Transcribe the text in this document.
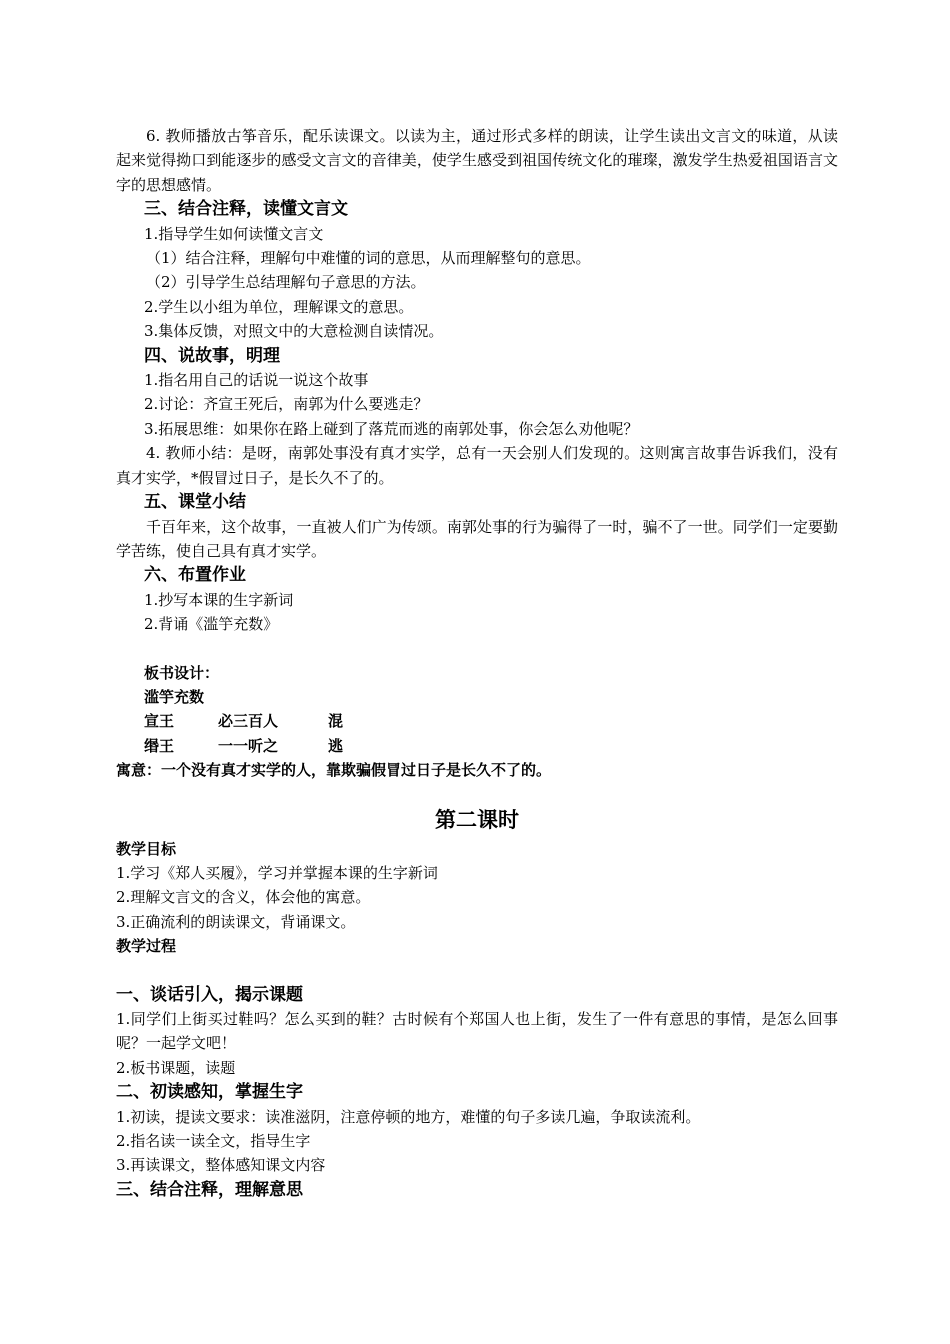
6. 教师播放古筝音乐，配乐读课文。以读为主，通过形式多样的朗读，让学生读出文言文的味道，从读起来觉得拗口到能逐步的感受文言文的音律美，使学生感受到祖国传统文化的璀璨，激发学生热爱祖国语言文字的思想感情。

三、结合注释，读懂文言文

1.指导学生如何读懂文言文

（1）结合注释，理解句中难懂的词的意思，从而理解整句的意思。

（2）引导学生总结理解句子意思的方法。

2.学生以小组为单位，理解课文的意思。

3.集体反馈，对照文中的大意检测自读情况。

四、说故事，明理

1.指名用自己的话说一说这个故事

2.讨论：齐宣王死后，南郭为什么要逃走？

3.拓展思维：如果你在路上碰到了落荒而逃的南郭处事，你会怎么劝他呢？

4. 教师小结：是呀，南郭处事没有真才实学，总有一天会别人们发现的。这则寓言故事告诉我们，没有真才实学，*假冒过日子，是长久不了的。

五、课堂小结

千百年来，这个故事，一直被人们广为传颂。南郭处事的行为骗得了一时，骗不了一世。同学们一定要勤学苦练，使自己具有真才实学。

六、布置作业

1.抄写本课的生字新词

2.背诵《滥竽充数》

板书设计：

滥竽充数

宣王	必三百人	混
缗王	一一听之	逃

寓意：一个没有真才实学的人，靠欺骗假冒过日子是长久不了的。

第二课时

教学目标

1.学习《郑人买履》，学习并掌握本课的生字新词

2.理解文言文的含义，体会他的寓意。

3.正确流利的朗读课文，背诵课文。

教学过程

一、谈话引入，揭示课题

1.同学们上街买过鞋吗？怎么买到的鞋？古时候有个郑国人也上街，发生了一件有意思的事情，是怎么回事呢？一起学文吧！

2.板书课题，读题

二、初读感知，掌握生字

1.初读，提读文要求：读准滋阴，注意停顿的地方，难懂的句子多读几遍，争取读流利。

2.指名读一读全文，指导生字

3.再读课文，整体感知课文内容

三、结合注释，理解意思
